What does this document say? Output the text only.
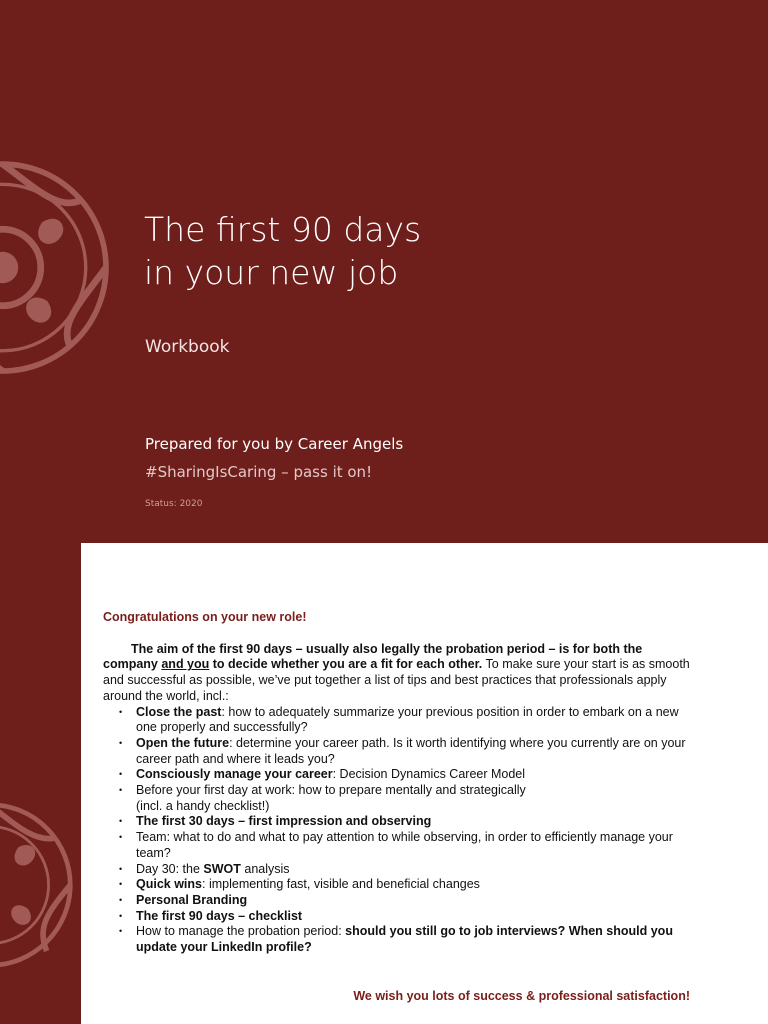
The first 90 days
in your new job
Workbook
Prepared for you by Career Angels
#SharingIsCaring – pass it on!
Status: 2020
Congratulations on your new role!

The aim of the first 90 days – usually also legally the probation period – is for both the company and you to decide whether you are a fit for each other. To make sure your start is as smooth and successful as possible, we’ve put together a list of tips and best practices that professionals apply around the world, incl.:

• Close the past: how to adequately summarize your previous position in order to embark on a new one properly and successfully?
• Open the future: determine your career path. Is it worth identifying where you currently are on your career path and where it leads you?
• Consciously manage your career: Decision Dynamics Career Model
• Before your first day at work: how to prepare mentally and strategically
(incl. a handy checklist!)
• The first 30 days – first impression and observing
• Team: what to do and what to pay attention to while observing, in order to efficiently manage your team?
• Day 30: the SWOT analysis
• Quick wins: implementing fast, visible and beneficial changes
• Personal Branding
• The first 90 days – checklist
• How to manage the probation period: should you still go to job interviews? When should you update your LinkedIn profile?
We wish you lots of success & professional satisfaction!
